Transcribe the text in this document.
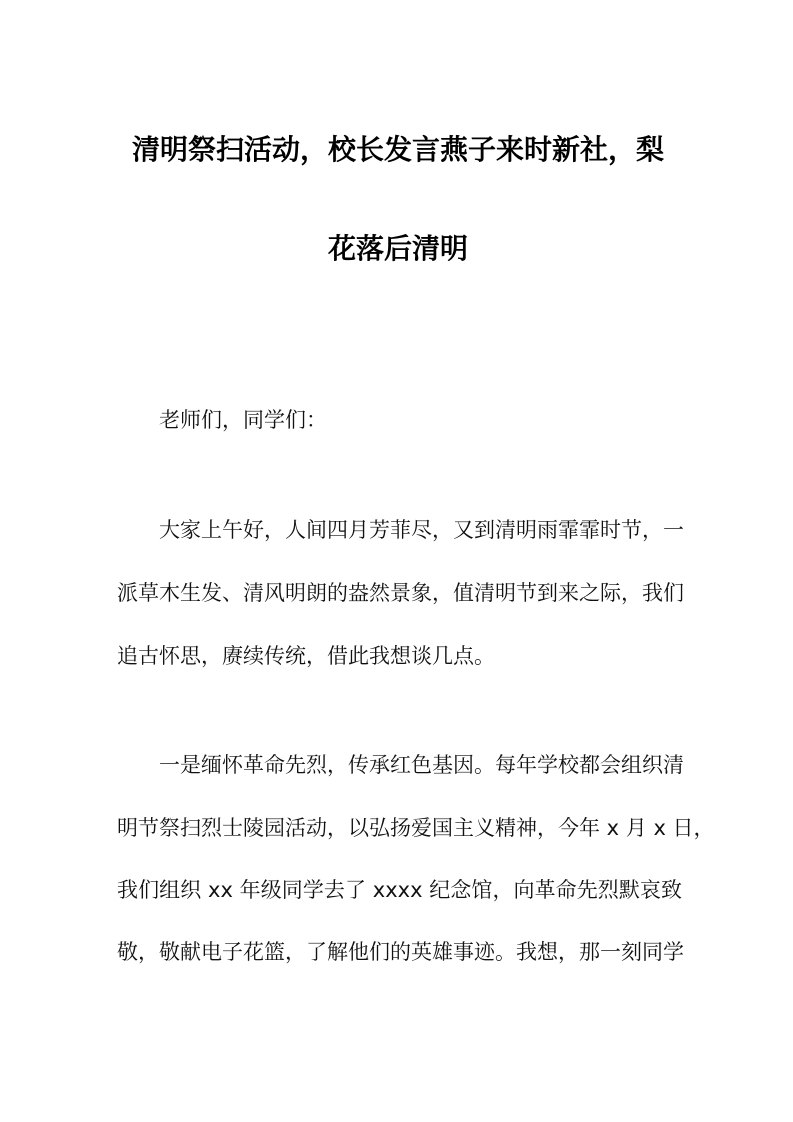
清明祭扫活动，校长发言燕子来时新社，梨
花落后清明
老师们，同学们：
大家上午好，人间四月芳菲尽，又到清明雨霏霏时节，一
派草木生发、清风明朗的盎然景象，值清明节到来之际，我们
追古怀思，赓续传统，借此我想谈几点。
一是缅怀革命先烈，传承红色基因。每年学校都会组织清
明节祭扫烈士陵园活动，以弘扬爱国主义精神，今年 x 月 x 日，
我们组织 xx 年级同学去了 xxxx 纪念馆，向革命先烈默哀致
敬，敬献电子花篮，了解他们的英雄事迹。我想，那一刻同学
